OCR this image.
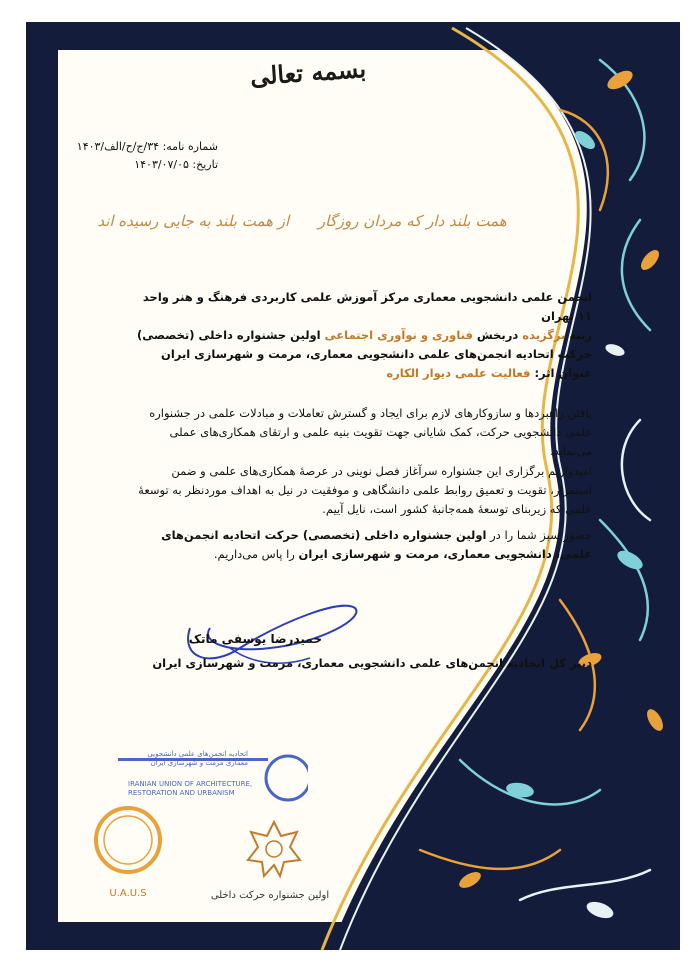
بسمه تعالی
شماره نامه: ۳۴/ج/ح/الف/۱۴۰۳
تاریخ: ۱۴۰۳/۰۷/۰۵
همت بلند دار که مردان روزگار      از همت بلند به جایی رسیده اند
انجمن علمی دانشجویی معماری مرکز آموزش علمی کاربردی فرهنگ و هنر واحد ۱۱ تهران
رتبه برگزیده دربخش فناوری و نوآوری اجتماعی اولین جشنواره داخلی (تخصصی)
حرکت اتحادیه انجمن‌های علمی دانشجویی معماری، مرمت و شهرسازی ایران
عنوان اثر: فعالیت علمی دیوار الکاره
یافتن راهبردها و سازوکارهای لازم برای ایجاد و گسترش تعاملات و مبادلات علمی در جشنواره علمی دانشجویی حرکت، کمک شایانی جهت تقویت بنیه علمی و ارتقای همکاری‌های عملی می‌نماید.
امیدواریم برگزاری این جشنواره سرآغاز فصل نوینی در عرصهٔ همکاری‌های علمی و ضمن استمرار، تقویت و تعمیق روابط علمی دانشگاهی و موفقیت در نیل به اهداف موردنظر به توسعهٔ علمی که زیربنای توسعهٔ همه‌جانبهٔ کشور است، نایل آییم.
حضور سبز شما را در اولین جشنواره داخلی (تخصصی) حرکت اتحادیه انجمن‌های علمی، دانشجویی معماری، مرمت و شهرسازی ایران را پاس می‌داریم.
حمیدرضا یوسفی ماتک
دبیر کل اتحادیه انجمن‌های علمی دانشجویی معماری، مرمت و شهرسازی ایران
اتحادیه انجمن‌های علمی دانشجویی معماری مرمت و شهرسازی ایران
IRANIAN UNION OF ARCHITECTURE, RESTORATION AND URBANISM
U.A.U.S	اولین جشنواره حرکت داخلی
